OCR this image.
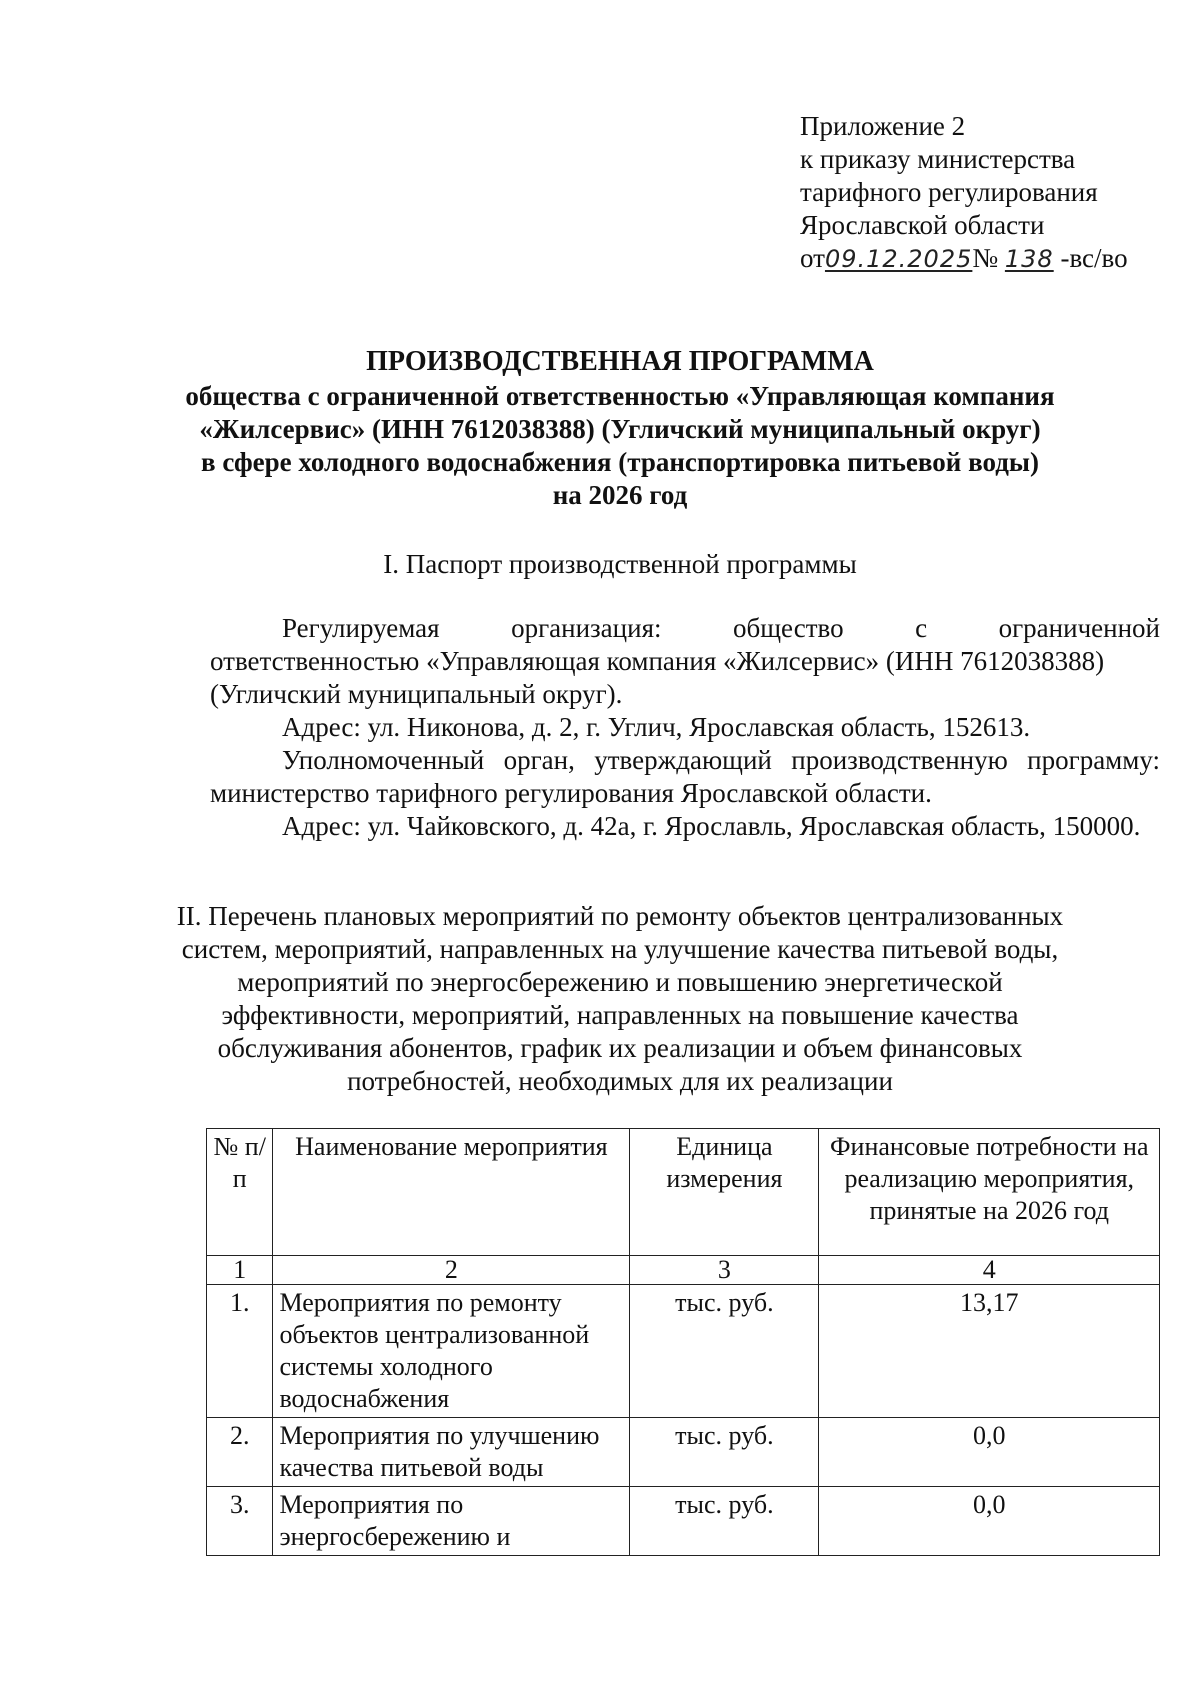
Приложение 2
к приказу министерства
тарифного регулирования
Ярославской области
от09.12.2025№ 138 -вс/во
ПРОИЗВОДСТВЕННАЯ ПРОГРАММА
общества с ограниченной ответственностью «Управляющая компания
«Жилсервис» (ИНН 7612038388) (Угличский муниципальный округ)
в сфере холодного водоснабжения (транспортировка питьевой воды)
на 2026 год
I. Паспорт производственной программы
Регулируемая	организация:	общество	с	ограниченной
ответственностью «Управляющая компания «Жилсервис» (ИНН 7612038388)
(Угличский муниципальный округ).

Адрес: ул. Никонова, д. 2, г. Углич, Ярославская область, 152613.

Уполномоченный орган, утверждающий производственную программу: министерство тарифного регулирования Ярославской области.

Адрес: ул. Чайковского, д. 42а, г. Ярославль, Ярославская область, 150000.

II. Перечень плановых мероприятий по ремонту объектов централизованных
систем, мероприятий, направленных на улучшение качества питьевой воды,
мероприятий по энергосбережению и повышению энергетической
эффективности, мероприятий, направленных на повышение качества
обслуживания абонентов, график их реализации и объем финансовых
потребностей, необходимых для их реализации
№ п/п	Наименование мероприятия	Единица измерения	Финансовые потребности на реализацию мероприятия, принятые на 2026 год
1	2	3	4
1.	Мероприятия по ремонту объектов централизованной системы холодного водоснабжения	тыс. руб.	13,17
2.	Мероприятия по улучшению качества питьевой воды	тыс. руб.	0,0
3.	Мероприятия по энергосбережению и	тыс. руб.	0,0
